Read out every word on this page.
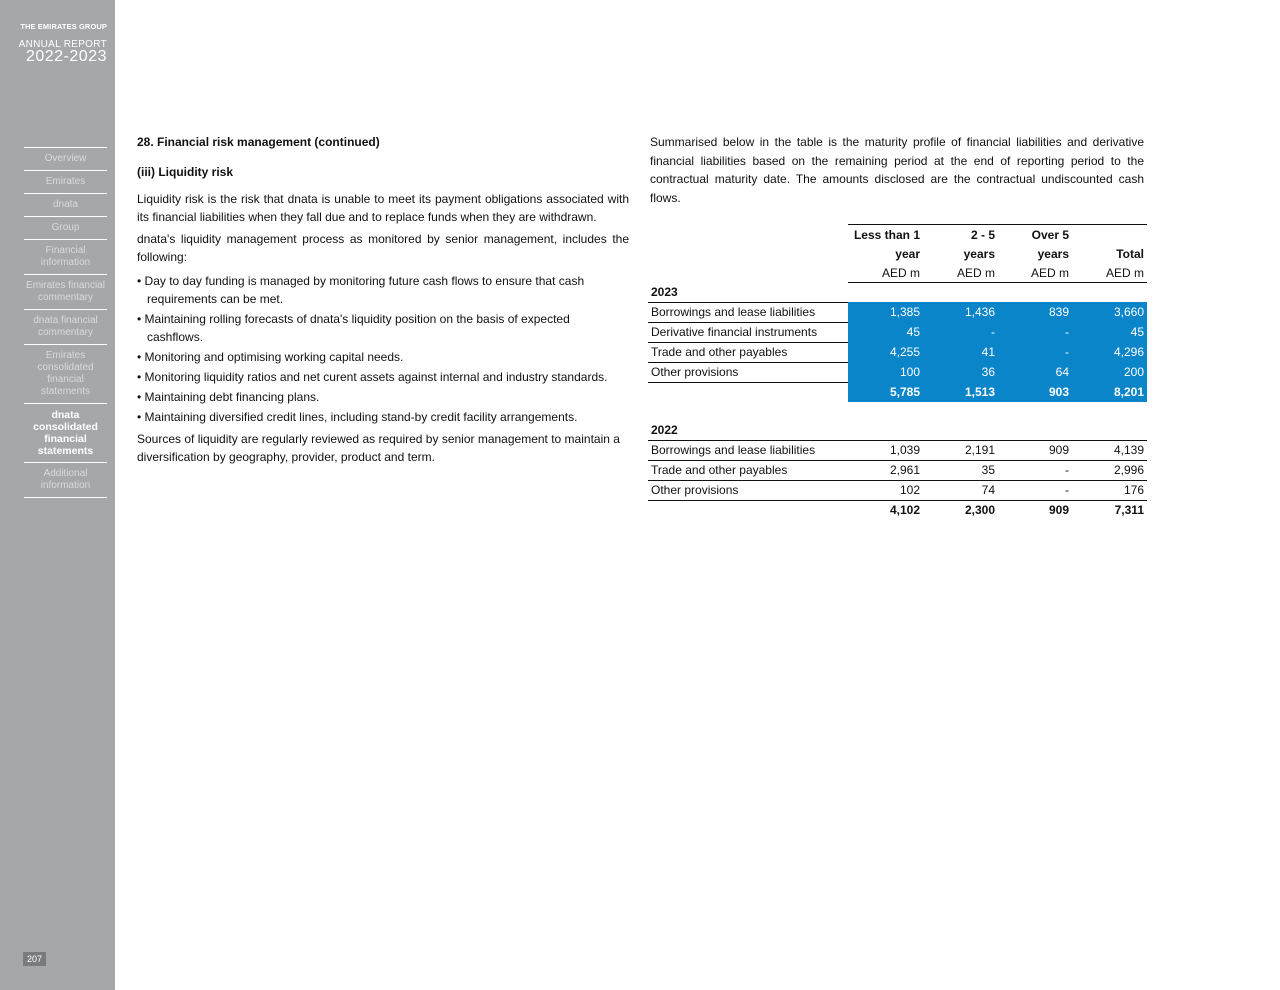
THE EMIRATES GROUP
ANNUAL REPORT
2022-2023
Overview
Emirates
dnata
Group
Financial information
Emirates financial commentary
dnata financial commentary
Emirates consolidated financial statements
dnata consolidated financial statements
Additional information
207

28. Financial risk management (continued)

(iii) Liquidity risk

Liquidity risk is the risk that dnata is unable to meet its payment obligations associated with its financial liabilities when they fall due and to replace funds when they are withdrawn.

dnata's liquidity management process as monitored by senior management, includes the following:

• Day to day funding is managed by monitoring future cash flows to ensure that cash requirements can be met.
• Maintaining rolling forecasts of dnata's liquidity position on the basis of expected cashflows.
• Monitoring and optimising working capital needs.
• Monitoring liquidity ratios and net curent assets against internal and industry standards.
• Maintaining debt financing plans.
• Maintaining diversified credit lines, including stand-by credit facility arrangements.

Sources of liquidity are regularly reviewed as required by senior management to maintain a diversification by geography, provider, product and term.

Summarised below in the table is the maturity profile of financial liabilities and derivative financial liabilities based on the remaining period at the end of reporting period to the contractual maturity date. The amounts disclosed are the contractual undiscounted cash flows.

	Less than 1	2 - 5	Over 5	
	year	years	years	Total
	AED m	AED m	AED m	AED m
2023				
Borrowings and lease liabilities	1,385	1,436	839	3,660
Derivative financial instruments	45	-	-	45
Trade and other payables	4,255	41	-	4,296
Other provisions	100	36	64	200
	5,785	1,513	903	8,201

2022				
Borrowings and lease liabilities	1,039	2,191	909	4,139
Trade and other payables	2,961	35	-	2,996
Other provisions	102	74	-	176
	4,102	2,300	909	7,311
